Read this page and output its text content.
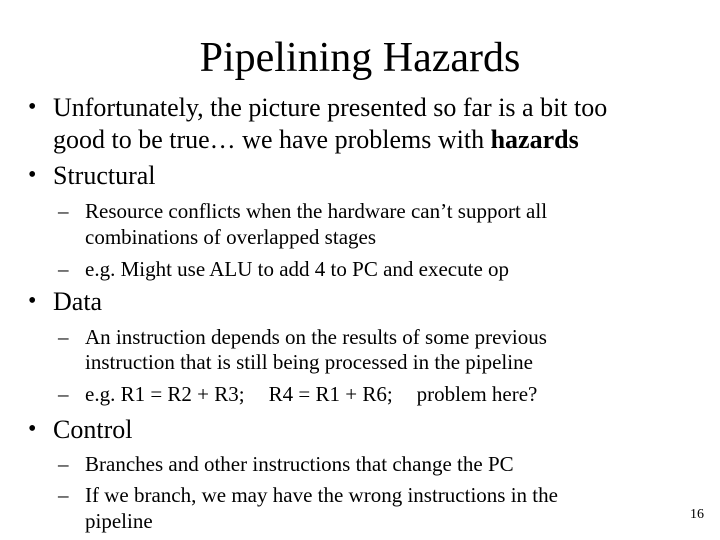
Pipelining Hazards
• Unfortunately, the picture presented so far is a bit too
good to be true… we have problems with hazards
• Structural
– Resource conflicts when the hardware can’t support all
combinations of overlapped stages
– e.g. Might use ALU to add 4 to PC and execute op
• Data
– An instruction depends on the results of some previous
instruction that is still being processed in the pipeline
– e.g. R1 = R2 + R3; R4 = R1 + R6; problem here?
• Control
– Branches and other instructions that change the PC
– If we branch, we may have the wrong instructions in the
pipeline	16
